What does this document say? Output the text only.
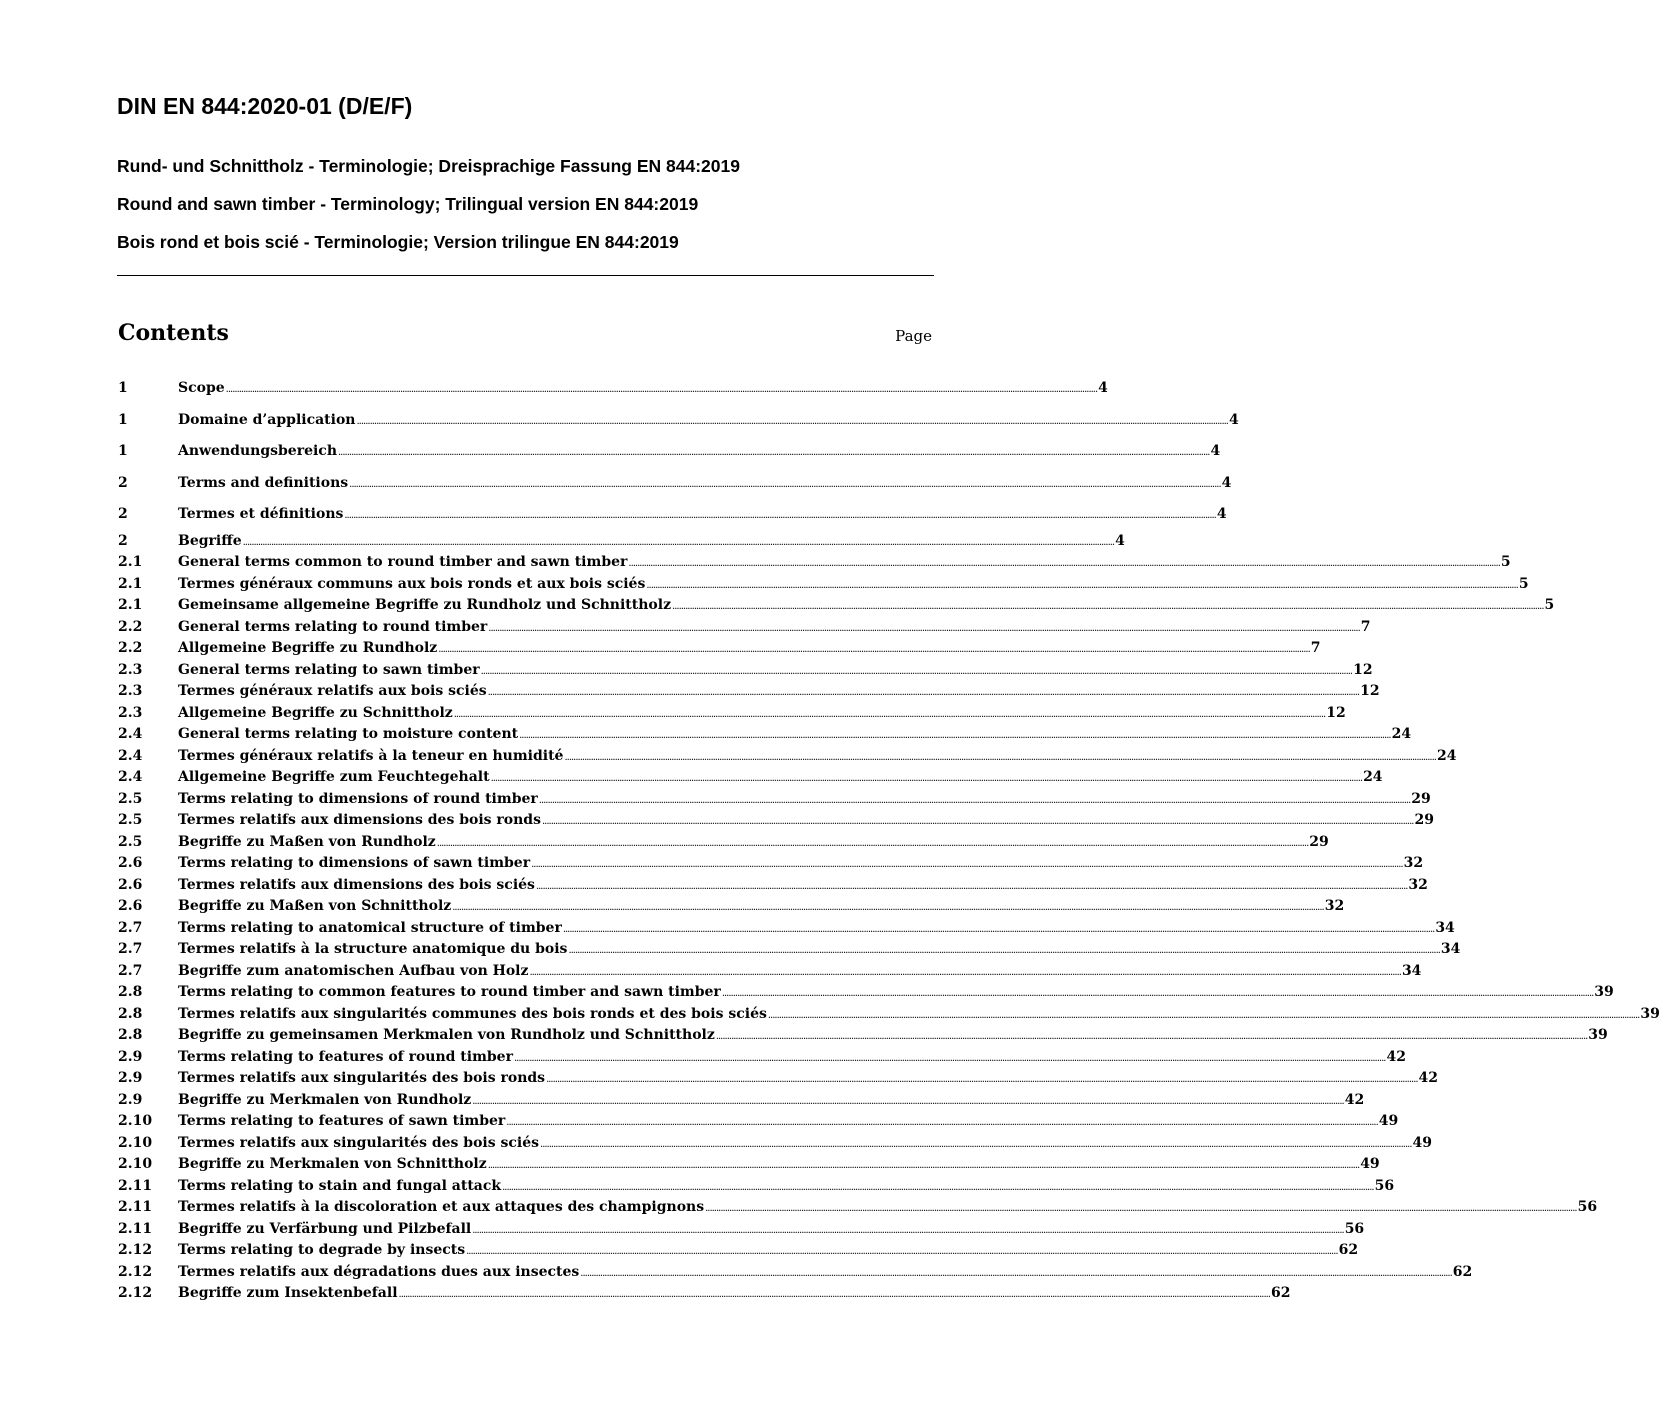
DIN EN 844:2020-01 (D/E/F)
Rund- und Schnittholz - Terminologie; Dreisprachige Fassung EN 844:2019
Round and sawn timber - Terminology; Trilingual version EN 844:2019
Bois rond et bois scié - Terminologie; Version trilingue EN 844:2019
Contents	Page
1	Scope ................................................................................................................................................................................................................................................................................................................................................................................................................ 4
1	Domaine d’application ................................................................................................................................................................................................................................................................................................................................................................................................................ 4
1	Anwendungsbereich ................................................................................................................................................................................................................................................................................................................................................................................................................ 4
2	Terms and definitions ................................................................................................................................................................................................................................................................................................................................................................................................................ 4
2	Termes et définitions ................................................................................................................................................................................................................................................................................................................................................................................................................ 4
2	Begriffe ................................................................................................................................................................................................................................................................................................................................................................................................................ 4
2.1	General terms common to round timber and sawn timber ................................................................................................................................................................................................................................................................................................................................................................................................................ 5
2.1	Termes généraux communs aux bois ronds et aux bois sciés ................................................................................................................................................................................................................................................................................................................................................................................................................ 5
2.1	Gemeinsame allgemeine Begriffe zu Rundholz und Schnittholz ................................................................................................................................................................................................................................................................................................................................................................................................................ 5
2.2	General terms relating to round timber ................................................................................................................................................................................................................................................................................................................................................................................................................ 7
2.2	Allgemeine Begriffe zu Rundholz ................................................................................................................................................................................................................................................................................................................................................................................................................ 7
2.3	General terms relating to sawn timber ................................................................................................................................................................................................................................................................................................................................................................................................................ 12
2.3	Termes généraux relatifs aux bois sciés ................................................................................................................................................................................................................................................................................................................................................................................................................ 12
2.3	Allgemeine Begriffe zu Schnittholz ................................................................................................................................................................................................................................................................................................................................................................................................................ 12
2.4	General terms relating to moisture content ................................................................................................................................................................................................................................................................................................................................................................................................................ 24
2.4	Termes généraux relatifs à la teneur en humidité ................................................................................................................................................................................................................................................................................................................................................................................................................ 24
2.4	Allgemeine Begriffe zum Feuchtegehalt ................................................................................................................................................................................................................................................................................................................................................................................................................ 24
2.5	Terms relating to dimensions of round timber ................................................................................................................................................................................................................................................................................................................................................................................................................ 29
2.5	Termes relatifs aux dimensions des bois ronds ................................................................................................................................................................................................................................................................................................................................................................................................................ 29
2.5	Begriffe zu Maßen von Rundholz ................................................................................................................................................................................................................................................................................................................................................................................................................ 29
2.6	Terms relating to dimensions of sawn timber ................................................................................................................................................................................................................................................................................................................................................................................................................ 32
2.6	Termes relatifs aux dimensions des bois sciés ................................................................................................................................................................................................................................................................................................................................................................................................................ 32
2.6	Begriffe zu Maßen von Schnittholz ................................................................................................................................................................................................................................................................................................................................................................................................................ 32
2.7	Terms relating to anatomical structure of timber ................................................................................................................................................................................................................................................................................................................................................................................................................ 34
2.7	Termes relatifs à la structure anatomique du bois ................................................................................................................................................................................................................................................................................................................................................................................................................ 34
2.7	Begriffe zum anatomischen Aufbau von Holz ................................................................................................................................................................................................................................................................................................................................................................................................................ 34
2.8	Terms relating to common features to round timber and sawn timber ................................................................................................................................................................................................................................................................................................................................................................................................................ 39
2.8	Termes relatifs aux singularités communes des bois ronds et des bois sciés ................................................................................................................................................................................................................................................................................................................................................................................................................ 39
2.8	Begriffe zu gemeinsamen Merkmalen von Rundholz und Schnittholz ................................................................................................................................................................................................................................................................................................................................................................................................................ 39
2.9	Terms relating to features of round timber ................................................................................................................................................................................................................................................................................................................................................................................................................ 42
2.9	Termes relatifs aux singularités des bois ronds ................................................................................................................................................................................................................................................................................................................................................................................................................ 42
2.9	Begriffe zu Merkmalen von Rundholz ................................................................................................................................................................................................................................................................................................................................................................................................................ 42
2.10	Terms relating to features of sawn timber ................................................................................................................................................................................................................................................................................................................................................................................................................ 49
2.10	Termes relatifs aux singularités des bois sciés ................................................................................................................................................................................................................................................................................................................................................................................................................ 49
2.10	Begriffe zu Merkmalen von Schnittholz ................................................................................................................................................................................................................................................................................................................................................................................................................ 49
2.11	Terms relating to stain and fungal attack ................................................................................................................................................................................................................................................................................................................................................................................................................ 56
2.11	Termes relatifs à la discoloration et aux attaques des champignons ................................................................................................................................................................................................................................................................................................................................................................................................................ 56
2.11	Begriffe zu Verfärbung und Pilzbefall ................................................................................................................................................................................................................................................................................................................................................................................................................ 56
2.12	Terms relating to degrade by insects ................................................................................................................................................................................................................................................................................................................................................................................................................ 62
2.12	Termes relatifs aux dégradations dues aux insectes ................................................................................................................................................................................................................................................................................................................................................................................................................ 62
2.12	Begriffe zum Insektenbefall ................................................................................................................................................................................................................................................................................................................................................................................................................ 62
